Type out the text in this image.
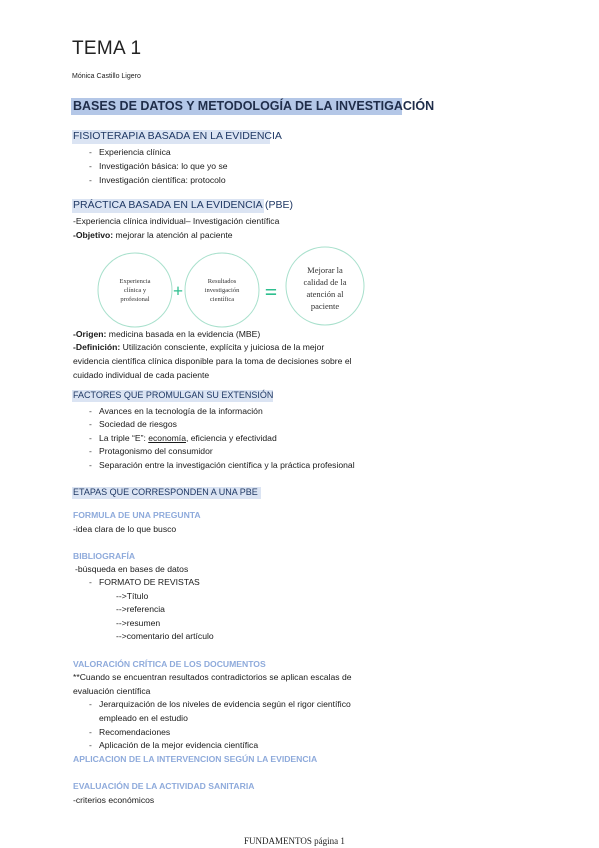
TEMA 1
Mónica Castillo Ligero
BASES DE DATOS Y METODOLOGÍA DE LA INVESTIGACIÓN
FISIOTERAPIA BASADA EN LA EVIDENCIA
-   Experiencia clínica
-   Investigación básica: lo que yo se
-   Investigación científica: protocolo
PRÁCTICA BASADA EN LA EVIDENCIA (PBE)
-Experiencia clínica individual– Investigación científica
-Objetivo: mejorar la atención al paciente
Experiencia
clínica y
profesional +	Resultados
investigación
científica =
Mejorar la
calidad de la
atención al
paciente
-Origen: medicina basada en la evidencia (MBE)
-Definición: Utilización consciente, explícita y juiciosa de la mejor
evidencia científica clínica disponible para la toma de decisiones sobre el
cuidado individual de cada paciente
FACTORES QUE PROMULGAN SU EXTENSIÓN
-   Avances en la tecnología de la información
-   Sociedad de riesgos
-   La triple “E”: economía, eficiencia y efectividad
-   Protagonismo del consumidor
-   Separación entre la investigación científica y la práctica profesional
ETAPAS QUE CORRESPONDEN A UNA PBE
FORMULA DE UNA PREGUNTA
-idea clara de lo que busco
BIBLIOGRAFÍA
-búsqueda en bases de datos
-   FORMATO DE REVISTAS
-->Título
-->referencia
-->resumen
-->comentario del artículo
VALORACIÓN CRÍTICA DE LOS DOCUMENTOS
**Cuando se encuentran resultados contradictorios se aplican escalas de
evaluación científica
-   Jerarquización de los niveles de evidencia según el rigor científico
empleado en el estudio
-   Recomendaciones
-   Aplicación de la mejor evidencia científica
APLICACION DE LA INTERVENCION SEGÚN LA EVIDENCIA
EVALUACIÓN DE LA ACTIVIDAD SANITARIA
-criterios económicos
FUNDAMENTOS página 1
